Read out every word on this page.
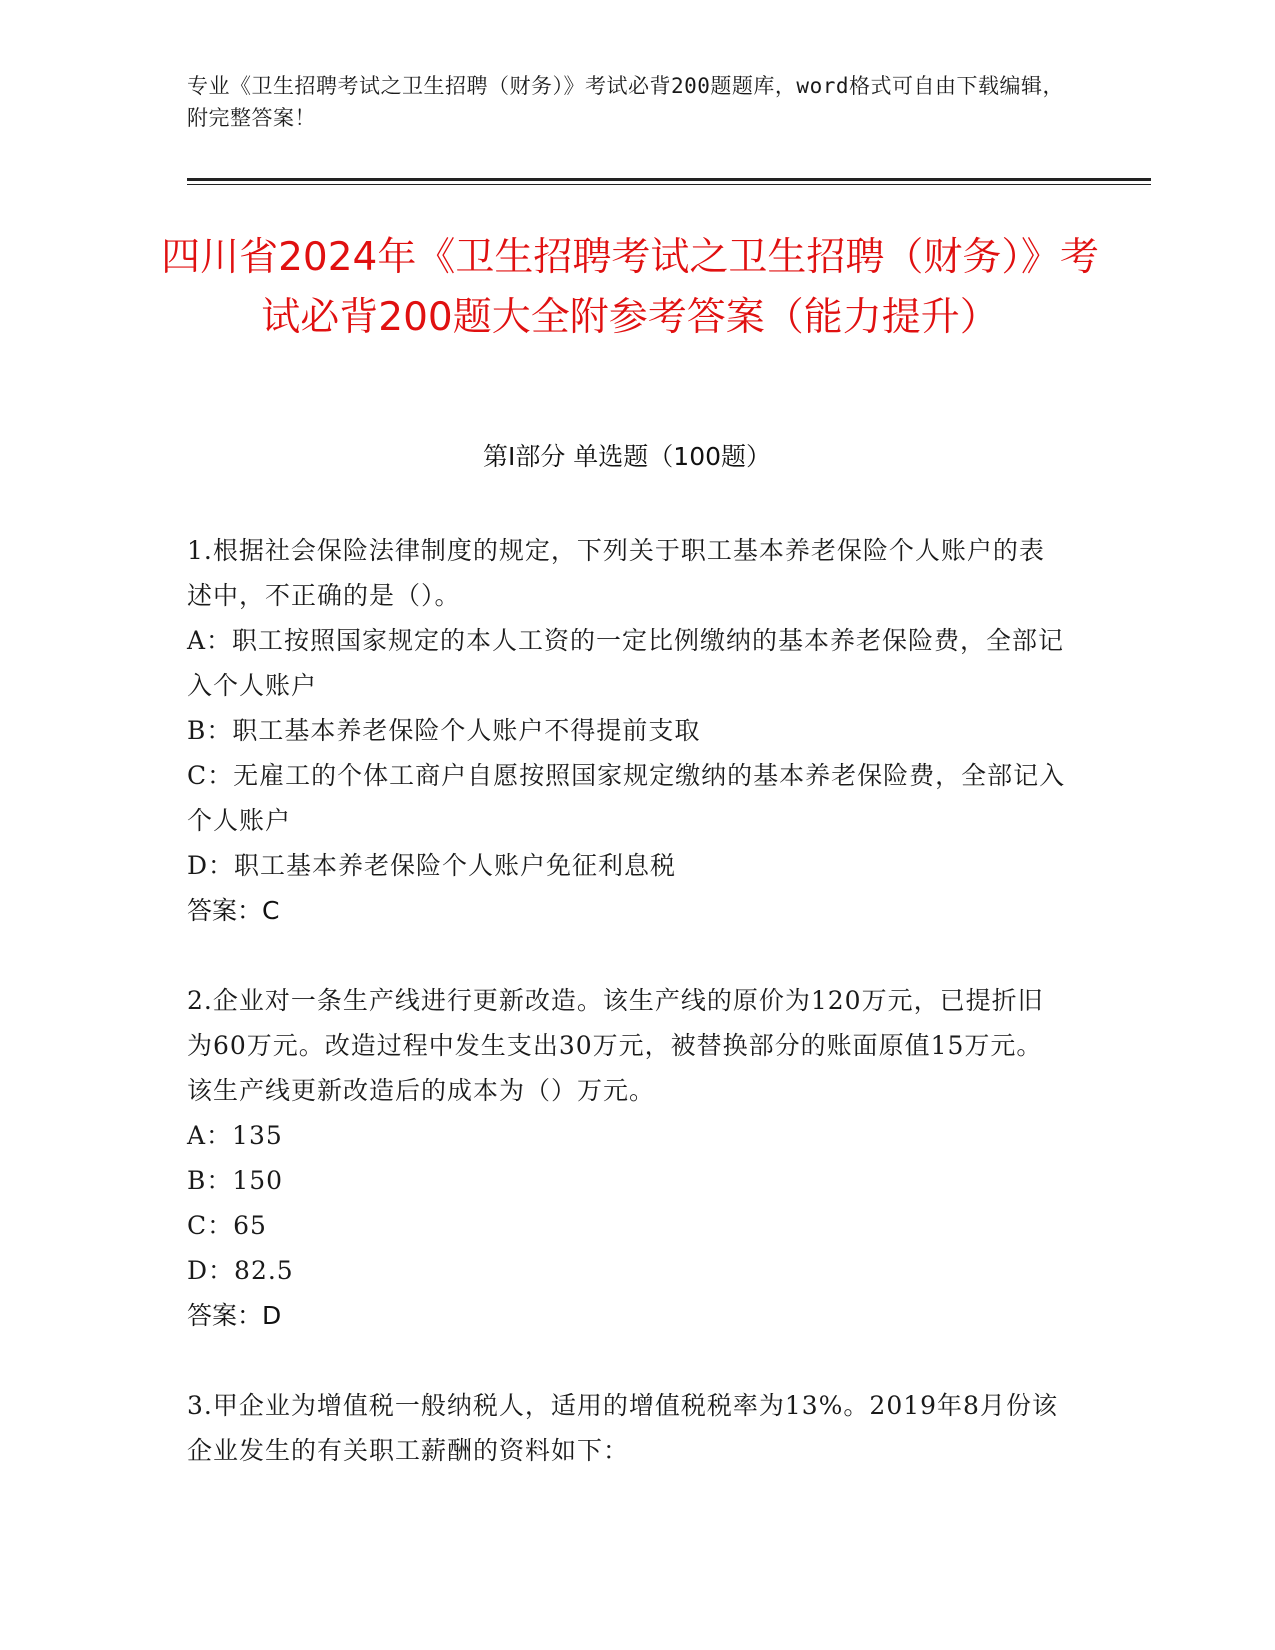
专业《卫生招聘考试之卫生招聘（财务）》考试必背200题题库，word格式可自由下载编辑，附完整答案！
四川省2024年《卫生招聘考试之卫生招聘（财务）》考试必背200题大全附参考答案（能力提升）
第I部分 单选题（100题）
1.根据社会保险法律制度的规定，下列关于职工基本养老保险个人账户的表述中，不正确的是（）。
A：职工按照国家规定的本人工资的一定比例缴纳的基本养老保险费，全部记入个人账户
B：职工基本养老保险个人账户不得提前支取
C：无雇工的个体工商户自愿按照国家规定缴纳的基本养老保险费，全部记入个人账户
D：职工基本养老保险个人账户免征利息税
答案：C
2.企业对一条生产线进行更新改造。该生产线的原价为120万元，已提折旧为60万元。改造过程中发生支出30万元，被替换部分的账面原值15万元。该生产线更新改造后的成本为（）万元。
A：135
B：150
C：65
D：82.5
答案：D
3.甲企业为增值税一般纳税人，适用的增值税税率为13%。2019年8月份该企业发生的有关职工薪酬的资料如下：
